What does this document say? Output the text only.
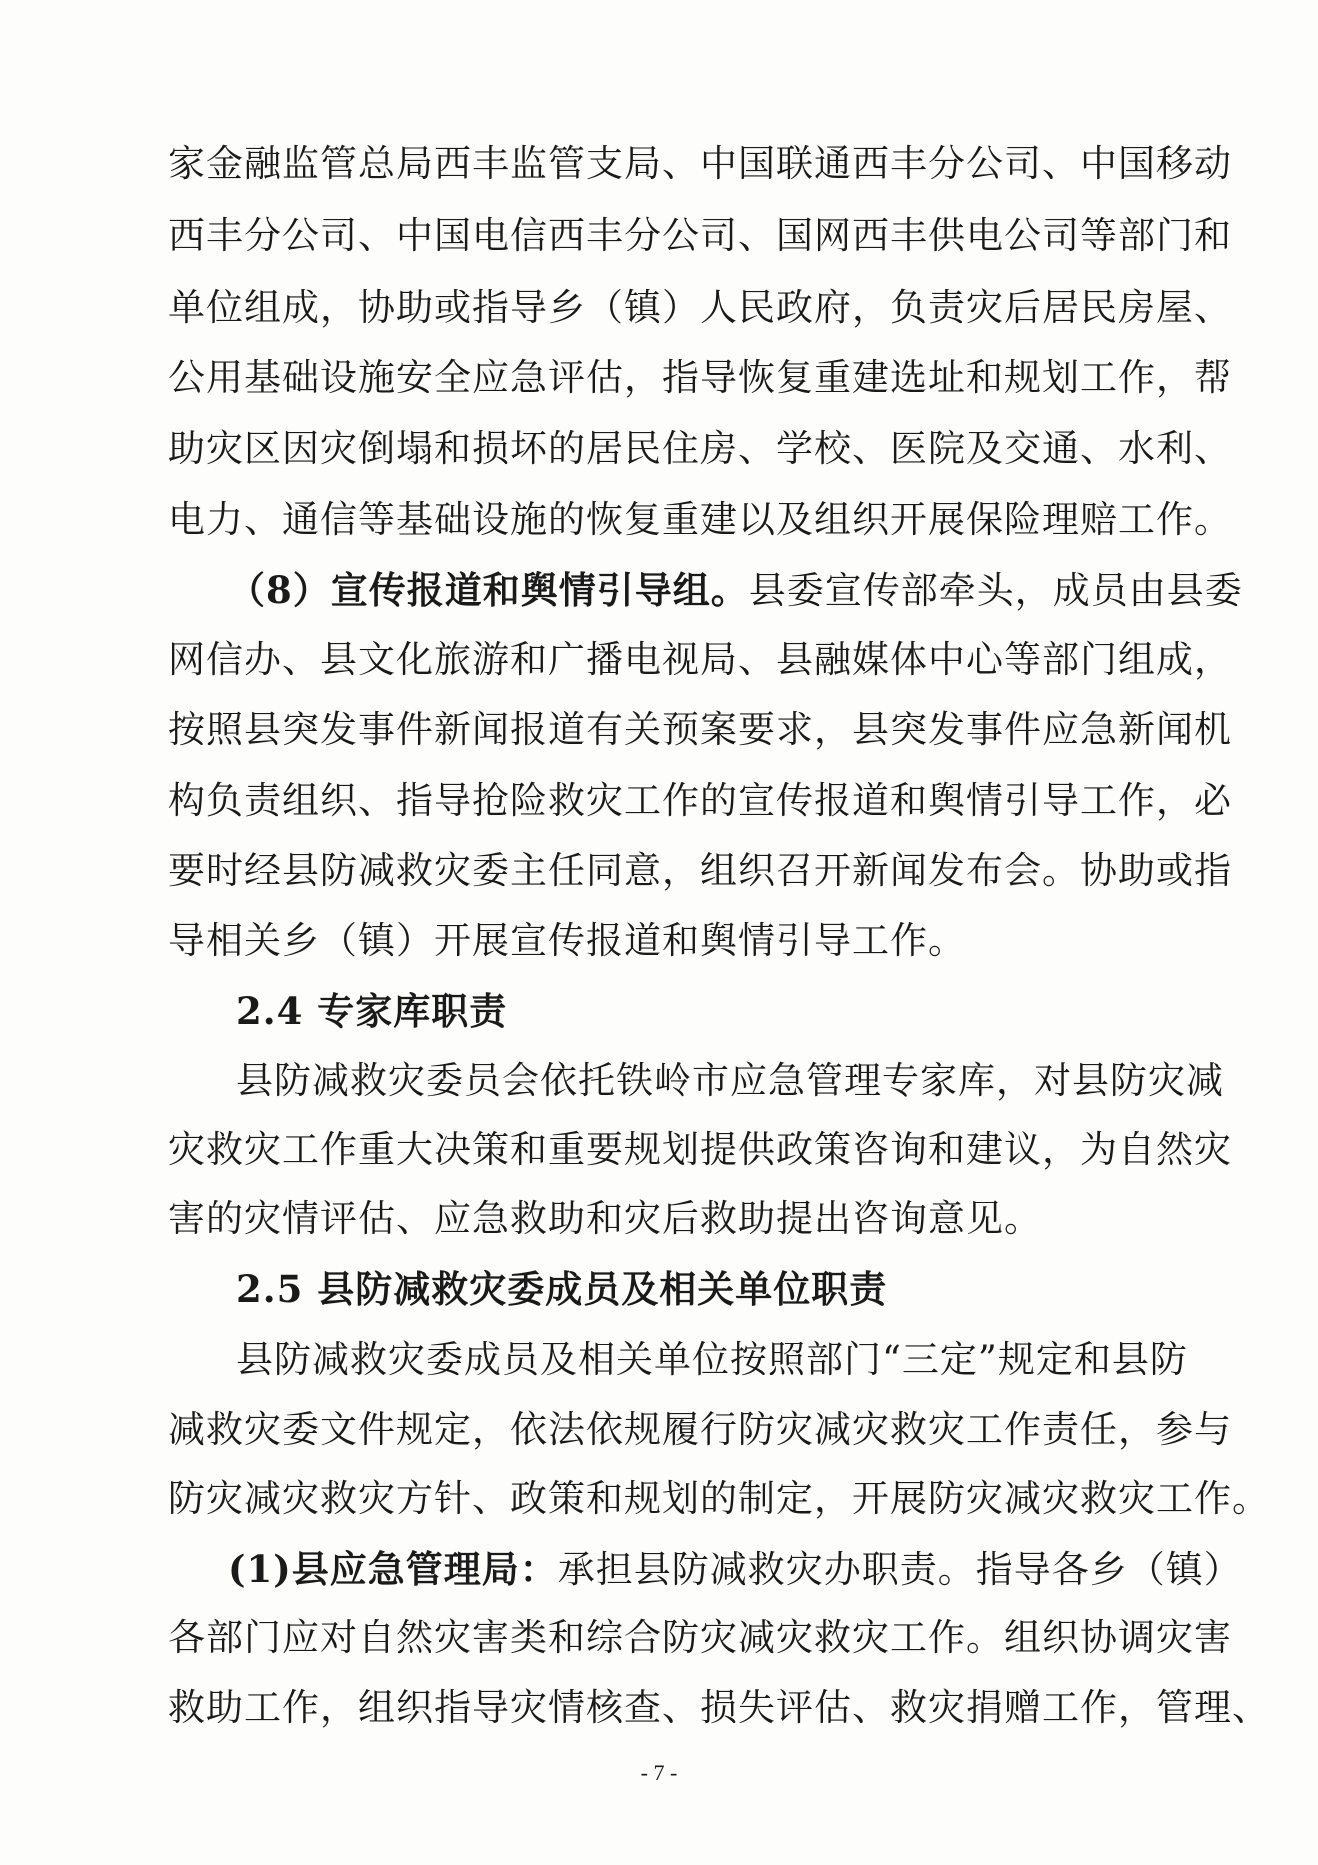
家金融监管总局西丰监管支局、中国联通西丰分公司、中国移动
西丰分公司、中国电信西丰分公司、国网西丰供电公司等部门和
单位组成，协助或指导乡（镇）人民政府，负责灾后居民房屋、
公用基础设施安全应急评估，指导恢复重建选址和规划工作，帮
助灾区因灾倒塌和损坏的居民住房、学校、医院及交通、水利、
电力、通信等基础设施的恢复重建以及组织开展保险理赔工作。
（8）宣传报道和舆情引导组。县委宣传部牵头，成员由县委
网信办、县文化旅游和广播电视局、县融媒体中心等部门组成，
按照县突发事件新闻报道有关预案要求，县突发事件应急新闻机
构负责组织、指导抢险救灾工作的宣传报道和舆情引导工作，必
要时经县防减救灾委主任同意，组织召开新闻发布会。协助或指
导相关乡（镇）开展宣传报道和舆情引导工作。
2.4 专家库职责
县防减救灾委员会依托铁岭市应急管理专家库，对县防灾减
灾救灾工作重大决策和重要规划提供政策咨询和建议，为自然灾
害的灾情评估、应急救助和灾后救助提出咨询意见。
2.5 县防减救灾委成员及相关单位职责
县防减救灾委成员及相关单位按照部门“三定”规定和县防
减救灾委文件规定，依法依规履行防灾减灾救灾工作责任，参与
防灾减灾救灾方针、政策和规划的制定，开展防灾减灾救灾工作。
(1)县应急管理局：承担县防减救灾办职责。指导各乡（镇）
各部门应对自然灾害类和综合防灾减灾救灾工作。组织协调灾害
救助工作，组织指导灾情核查、损失评估、救灾捐赠工作，管理、
- 7 -
